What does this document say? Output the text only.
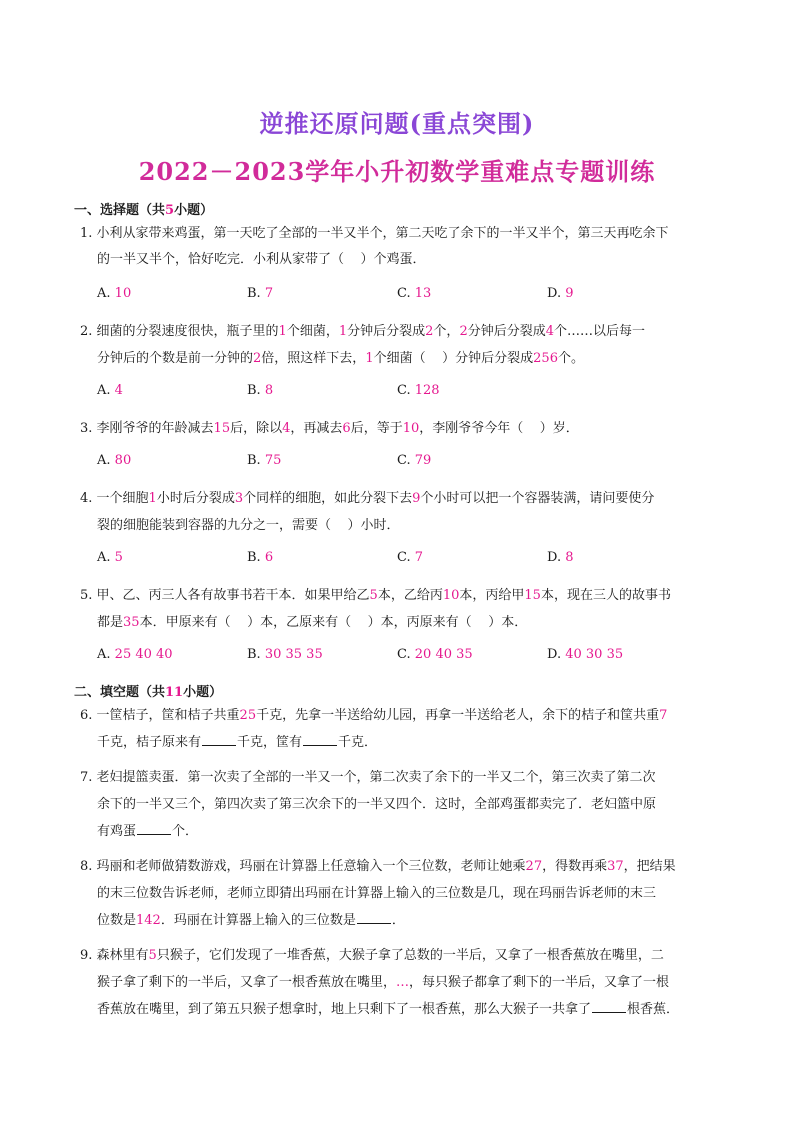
逆推还原问题(重点突围)
2022－2023学年小升初数学重难点专题训练
一、选择题（共5小题）
1. 小利从家带来鸡蛋，第一天吃了全部的一半又半个，第二天吃了余下的一半又半个，第三天再吃余下
的一半又半个，恰好吃完．小利从家带了（ ）个鸡蛋．
A. 10	B. 7	C. 13	D. 9
2. 细菌的分裂速度很快，瓶子里的1个细菌，1分钟后分裂成2个，2分钟后分裂成4个……以后每一
分钟后的个数是前一分钟的2倍，照这样下去，1个细菌（ ）分钟后分裂成256个。
A. 4	B. 8	C. 128
3. 李刚爷爷的年龄减去15后，除以4，再减去6后，等于10，李刚爷爷今年（ ）岁．
A. 80	B. 75	C. 79
4. 一个细胞1小时后分裂成3个同样的细胞，如此分裂下去9个小时可以把一个容器装满，请问要使分
裂的细胞能装到容器的九分之一，需要（ ）小时．
A. 5	B. 6	C. 7	D. 8
5. 甲、乙、丙三人各有故事书若干本．如果甲给乙5本，乙给丙10本，丙给甲15本，现在三人的故事书
都是35本．甲原来有（ ）本，乙原来有（ ）本，丙原来有（ ）本．
A. 25 40 40	B. 30 35 35	C. 20 40 35	D. 40 30 35
二、填空题（共11小题）
6. 一筐桔子，筐和桔子共重25千克，先拿一半送给幼儿园，再拿一半送给老人，余下的桔子和筐共重7
千克，桔子原来有	千克，筐有	千克．
7. 老妇提篮卖蛋．第一次卖了全部的一半又一个，第二次卖了余下的一半又二个，第三次卖了第二次
余下的一半又三个，第四次卖了第三次余下的一半又四个．这时，全部鸡蛋都卖完了．老妇篮中原
有鸡蛋	个．
8. 玛丽和老师做猜数游戏，玛丽在计算器上任意输入一个三位数，老师让她乘27，得数再乘37，把结果
的末三位数告诉老师，老师立即猜出玛丽在计算器上输入的三位数是几，现在玛丽告诉老师的末三
位数是142．玛丽在计算器上输入的三位数是	．
9. 森林里有5只猴子，它们发现了一堆香蕉，大猴子拿了总数的一半后，又拿了一根香蕉放在嘴里，二
猴子拿了剩下的一半后，又拿了一根香蕉放在嘴里，…，每只猴子都拿了剩下的一半后，又拿了一根
香蕉放在嘴里，到了第五只猴子想拿时，地上只剩下了一根香蕉，那么大猴子一共拿了	根香蕉．
